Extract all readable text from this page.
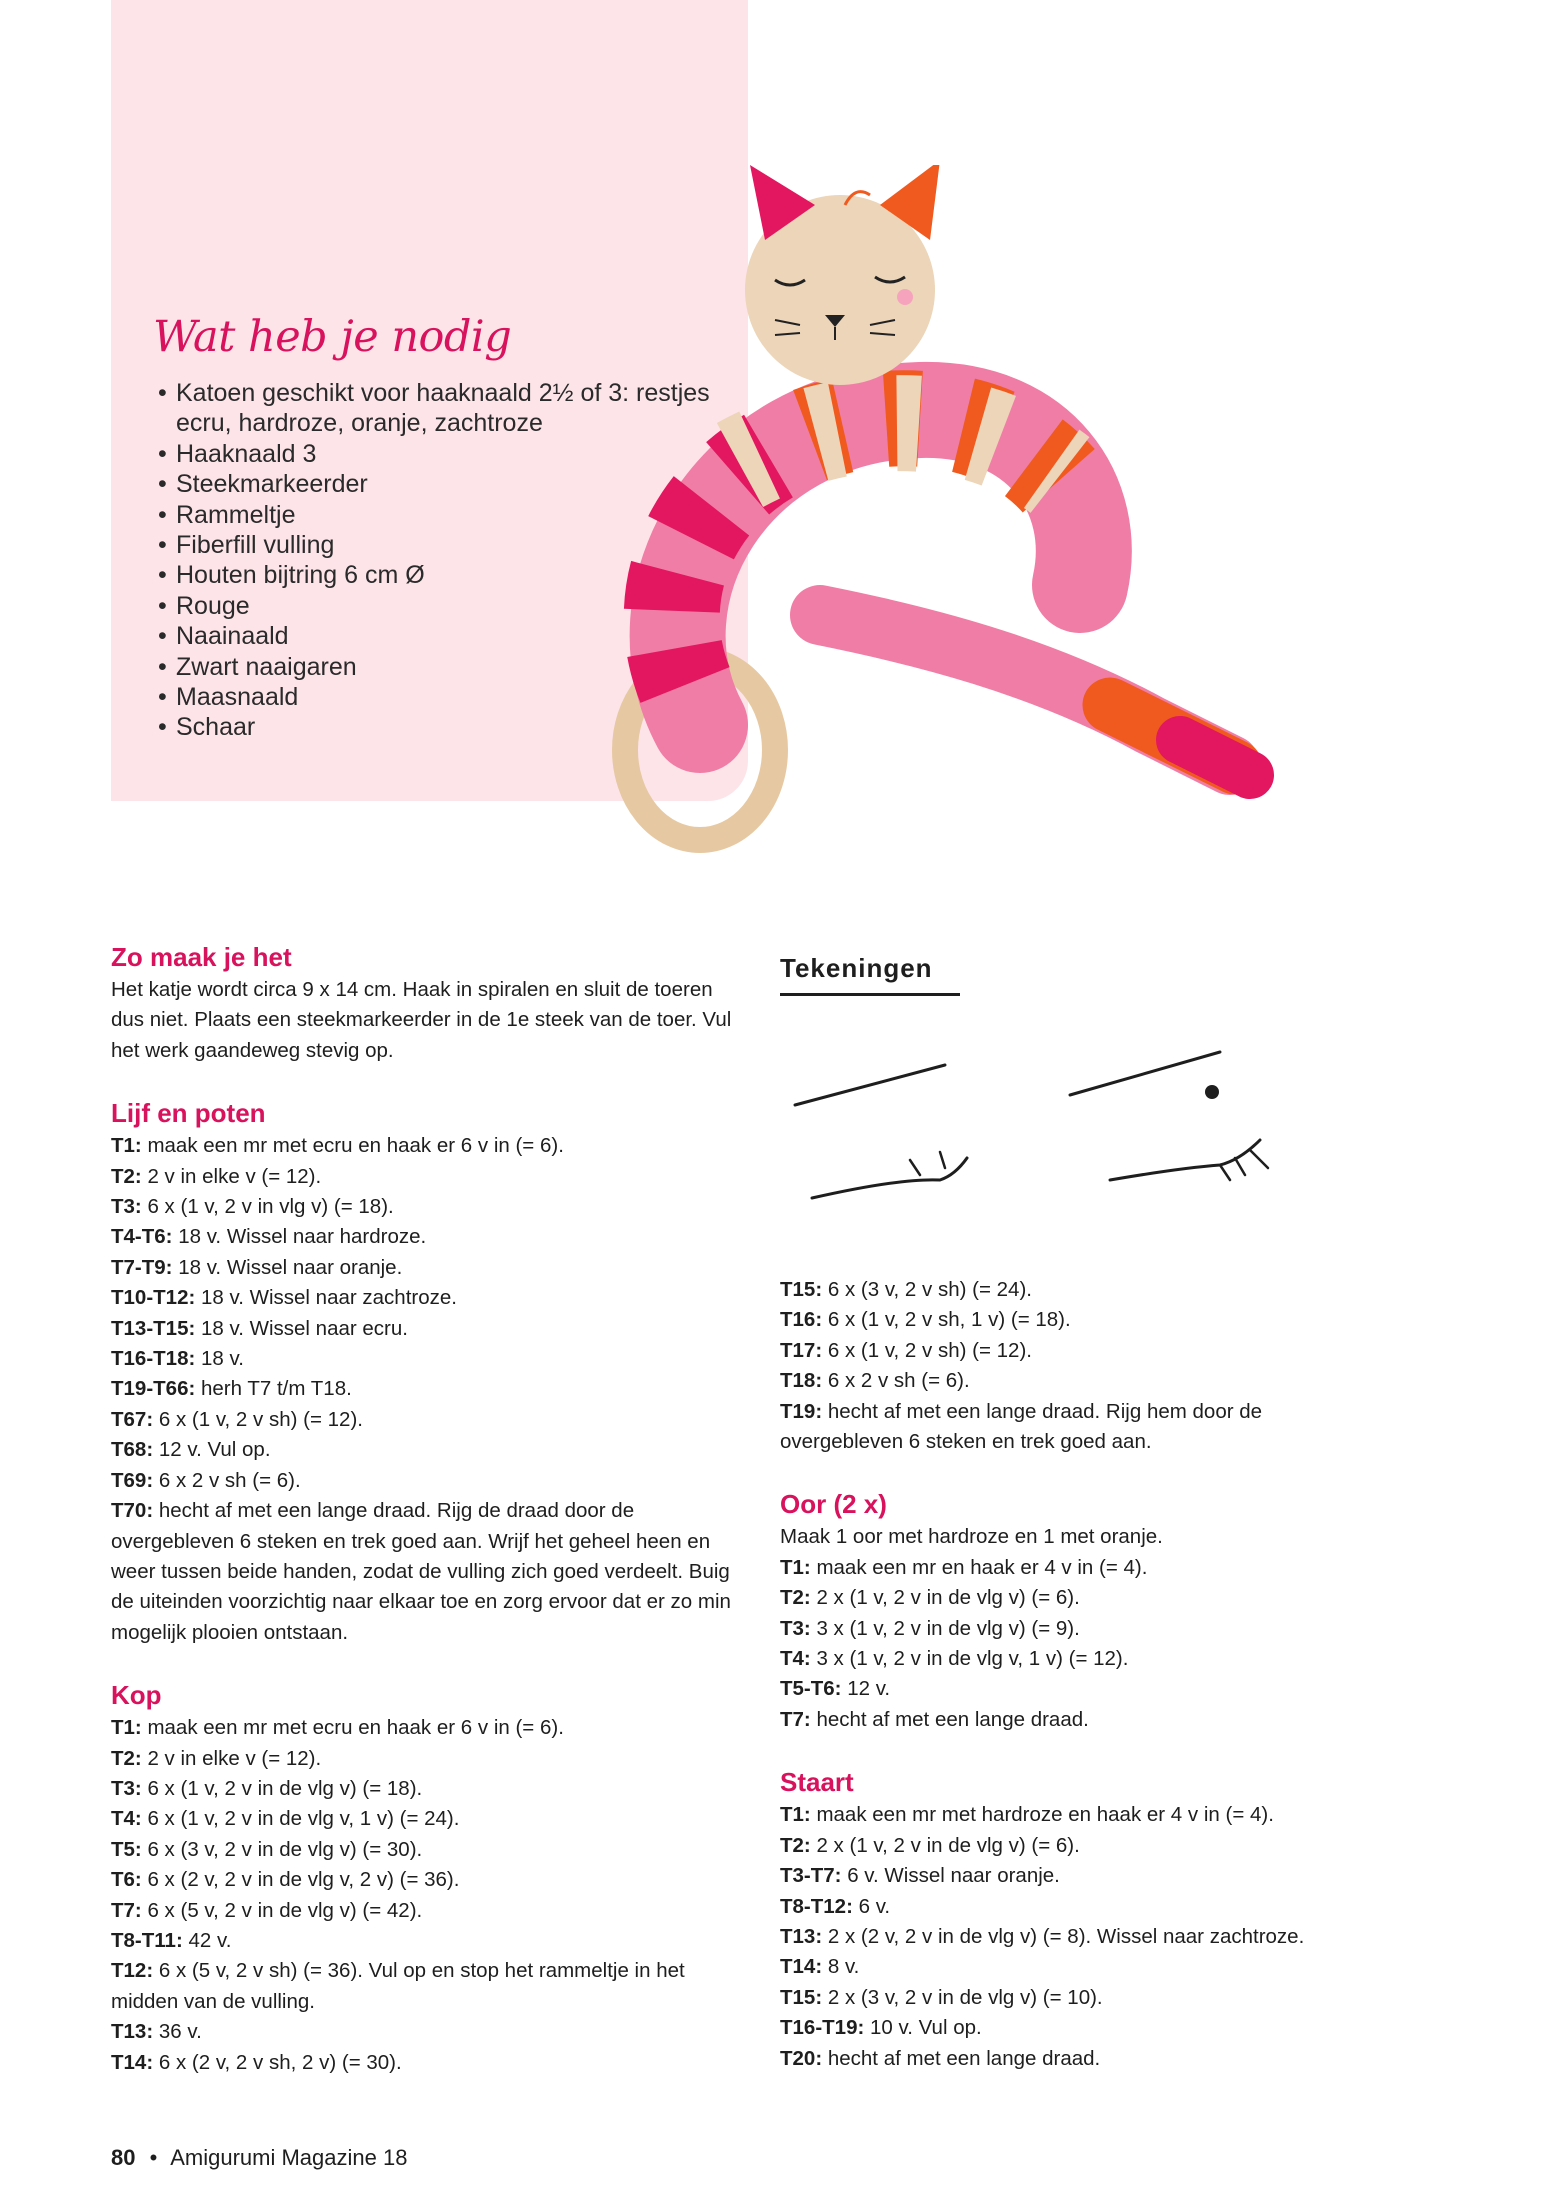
Wat heb je nodig
• Katoen geschikt voor haaknaald 2½ of 3: restjes ecru, hardroze, oranje, zachtroze
• Haaknaald 3
• Steekmarkeerder
• Rammeltje
• Fiberfill vulling
• Houten bijtring 6 cm Ø
• Rouge
• Naainaald
• Zwart naaigaren
• Maasnaald
• Schaar
Zo maak je het

Het katje wordt circa 9 x 14 cm. Haak in spiralen en sluit de toeren dus niet. Plaats een steekmarkeerder in de 1e steek van de toer. Vul het werk gaandeweg stevig op.

Lijf en poten
T1: maak een mr met ecru en haak er 6 v in (= 6).
T2: 2 v in elke v (= 12).
T3: 6 x (1 v, 2 v in vlg v) (= 18).
T4-T6: 18 v. Wissel naar hardroze.
T7-T9: 18 v. Wissel naar oranje.
T10-T12: 18 v. Wissel naar zachtroze.
T13-T15: 18 v. Wissel naar ecru.
T16-T18: 18 v.
T19-T66: herh T7 t/m T18.
T67: 6 x (1 v, 2 v sh) (= 12).
T68: 12 v. Vul op.
T69: 6 x 2 v sh (= 6).
T70: hecht af met een lange draad. Rijg de draad door de overgebleven 6 steken en trek goed aan. Wrijf het geheel heen en weer tussen beide handen, zodat de vulling zich goed verdeelt. Buig de uiteinden voorzichtig naar elkaar toe en zorg ervoor dat er zo min mogelijk plooien ontstaan.
Kop
T1: maak een mr met ecru en haak er 6 v in (= 6).
T2: 2 v in elke v (= 12).
T3: 6 x (1 v, 2 v in de vlg v) (= 18).
T4: 6 x (1 v, 2 v in de vlg v, 1 v) (= 24).
T5: 6 x (3 v, 2 v in de vlg v) (= 30).
T6: 6 x (2 v, 2 v in de vlg v, 2 v) (= 36).
T7: 6 x (5 v, 2 v in de vlg v) (= 42).
T8-T11: 42 v.
T12: 6 x (5 v, 2 v sh) (= 36). Vul op en stop het rammeltje in het midden van de vulling.
T13: 36 v.
T14: 6 x (2 v, 2 v sh, 2 v) (= 30).
Tekeningen
T15: 6 x (3 v, 2 v sh) (= 24).
T16: 6 x (1 v, 2 v sh, 1 v) (= 18).
T17: 6 x (1 v, 2 v sh) (= 12).
T18: 6 x 2 v sh (= 6).
T19: hecht af met een lange draad. Rijg hem door de overgebleven 6 steken en trek goed aan.
Oor (2 x)

Maak 1 oor met hardroze en 1 met oranje.

T1: maak een mr en haak er 4 v in (= 4).
T2: 2 x (1 v, 2 v in de vlg v) (= 6).
T3: 3 x (1 v, 2 v in de vlg v) (= 9).
T4: 3 x (1 v, 2 v in de vlg v, 1 v) (= 12).
T5-T6: 12 v.
T7: hecht af met een lange draad.
Staart
T1: maak een mr met hardroze en haak er 4 v in (= 4).
T2: 2 x (1 v, 2 v in de vlg v) (= 6).
T3-T7: 6 v. Wissel naar oranje.
T8-T12: 6 v.
T13: 2 x (2 v, 2 v in de vlg v) (= 8). Wissel naar zachtroze.
T14: 8 v.
T15: 2 x (3 v, 2 v in de vlg v) (= 10).
T16-T19: 10 v. Vul op.
T20: hecht af met een lange draad.
80 • Amigurumi Magazine 18
